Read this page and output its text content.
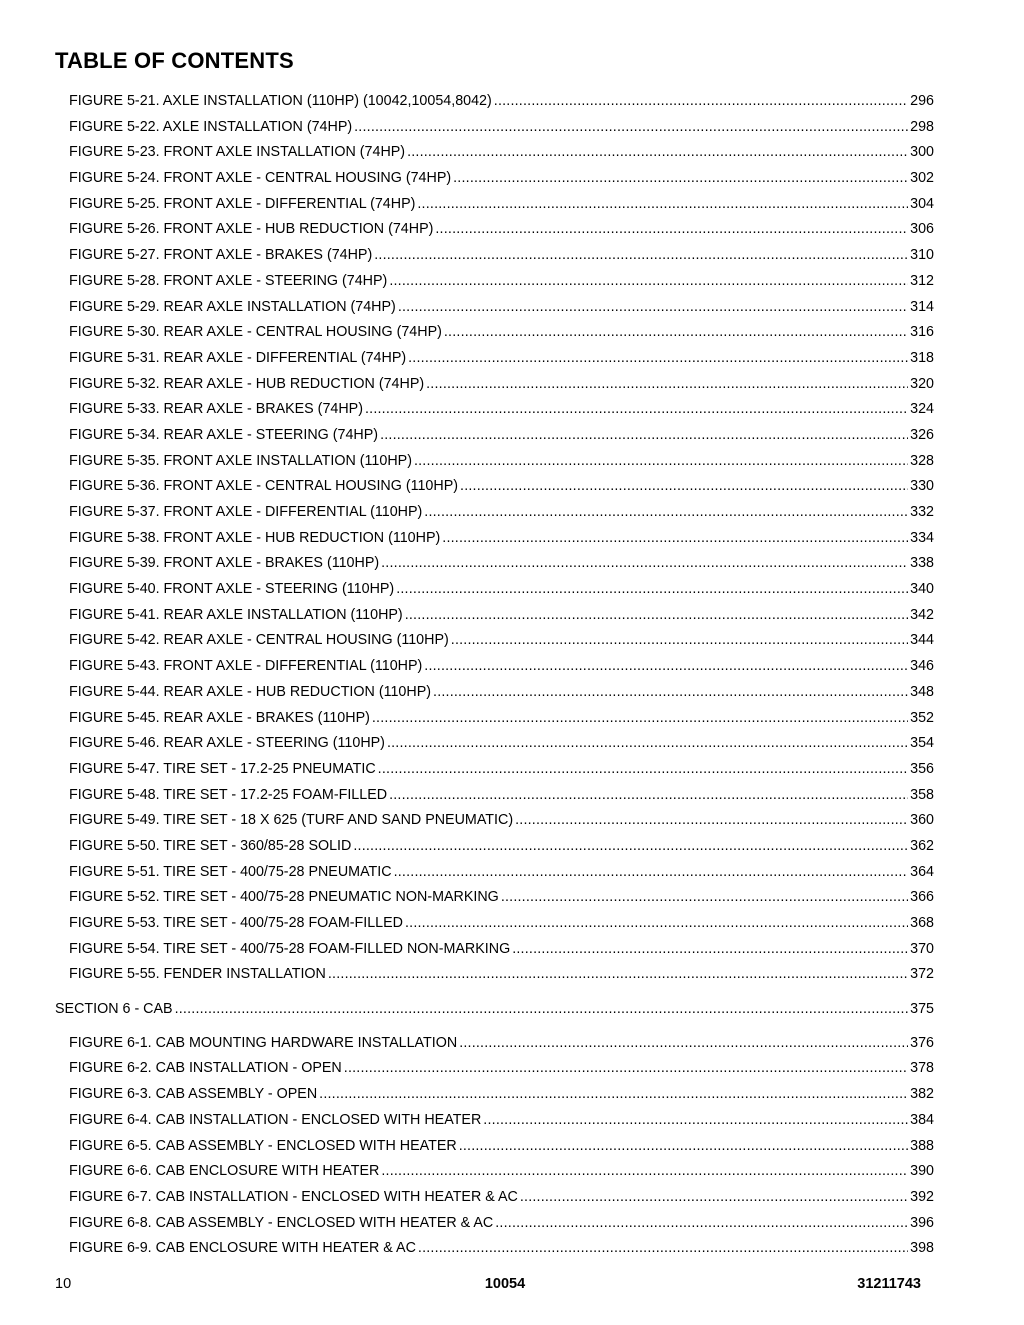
TABLE OF CONTENTS
FIGURE 5-21. AXLE INSTALLATION (110HP) (10042,10054,8042) .....	296
FIGURE 5-22. AXLE INSTALLATION (74HP) .....	298
FIGURE 5-23. FRONT AXLE INSTALLATION (74HP) .....	300
FIGURE 5-24. FRONT AXLE - CENTRAL HOUSING (74HP) .....	302
FIGURE 5-25. FRONT AXLE - DIFFERENTIAL (74HP) .....	304
FIGURE 5-26. FRONT AXLE - HUB REDUCTION (74HP) .....	306
FIGURE 5-27. FRONT AXLE - BRAKES (74HP) .....	310
FIGURE 5-28. FRONT AXLE - STEERING (74HP) .....	312
FIGURE 5-29. REAR AXLE INSTALLATION (74HP) .....	314
FIGURE 5-30. REAR AXLE - CENTRAL HOUSING (74HP) .....	316
FIGURE 5-31. REAR AXLE - DIFFERENTIAL (74HP) .....	318
FIGURE 5-32. REAR AXLE - HUB REDUCTION (74HP) .....	320
FIGURE 5-33. REAR AXLE - BRAKES (74HP) .....	324
FIGURE 5-34. REAR AXLE - STEERING (74HP) .....	326
FIGURE 5-35. FRONT AXLE INSTALLATION (110HP) .....	328
FIGURE 5-36. FRONT AXLE - CENTRAL HOUSING (110HP) .....	330
FIGURE 5-37. FRONT AXLE - DIFFERENTIAL (110HP) .....	332
FIGURE 5-38. FRONT AXLE - HUB REDUCTION (110HP) .....	334
FIGURE 5-39. FRONT AXLE - BRAKES (110HP) .....	338
FIGURE 5-40. FRONT AXLE - STEERING (110HP) .....	340
FIGURE 5-41. REAR AXLE INSTALLATION (110HP) .....	342
FIGURE 5-42. REAR AXLE - CENTRAL HOUSING (110HP) .....	344
FIGURE 5-43. FRONT AXLE - DIFFERENTIAL (110HP) .....	346
FIGURE 5-44. REAR AXLE - HUB REDUCTION (110HP) .....	348
FIGURE 5-45. REAR AXLE - BRAKES (110HP) .....	352
FIGURE 5-46. REAR AXLE - STEERING (110HP) .....	354
FIGURE 5-47. TIRE SET - 17.2-25 PNEUMATIC .....	356
FIGURE 5-48. TIRE SET - 17.2-25 FOAM-FILLED .....	358
FIGURE 5-49. TIRE SET - 18 X 625 (TURF AND SAND PNEUMATIC) .....	360
FIGURE 5-50. TIRE SET - 360/85-28 SOLID .....	362
FIGURE 5-51. TIRE SET - 400/75-28 PNEUMATIC .....	364
FIGURE 5-52. TIRE SET - 400/75-28 PNEUMATIC NON-MARKING .....	366
FIGURE 5-53. TIRE SET - 400/75-28 FOAM-FILLED .....	368
FIGURE 5-54. TIRE SET - 400/75-28 FOAM-FILLED NON-MARKING .....	370
FIGURE 5-55. FENDER INSTALLATION .....	372
SECTION 6 - CAB .....	375
FIGURE 6-1. CAB MOUNTING HARDWARE INSTALLATION .....	376
FIGURE 6-2. CAB INSTALLATION - OPEN .....	378
FIGURE 6-3. CAB ASSEMBLY - OPEN .....	382
FIGURE 6-4. CAB INSTALLATION - ENCLOSED WITH HEATER .....	384
FIGURE 6-5. CAB ASSEMBLY - ENCLOSED WITH HEATER .....	388
FIGURE 6-6. CAB ENCLOSURE WITH HEATER .....	390
FIGURE 6-7. CAB INSTALLATION - ENCLOSED WITH HEATER & AC .....	392
FIGURE 6-8. CAB ASSEMBLY - ENCLOSED WITH HEATER & AC .....	396
FIGURE 6-9. CAB ENCLOSURE WITH HEATER & AC .....	398
10	10054	31211743
